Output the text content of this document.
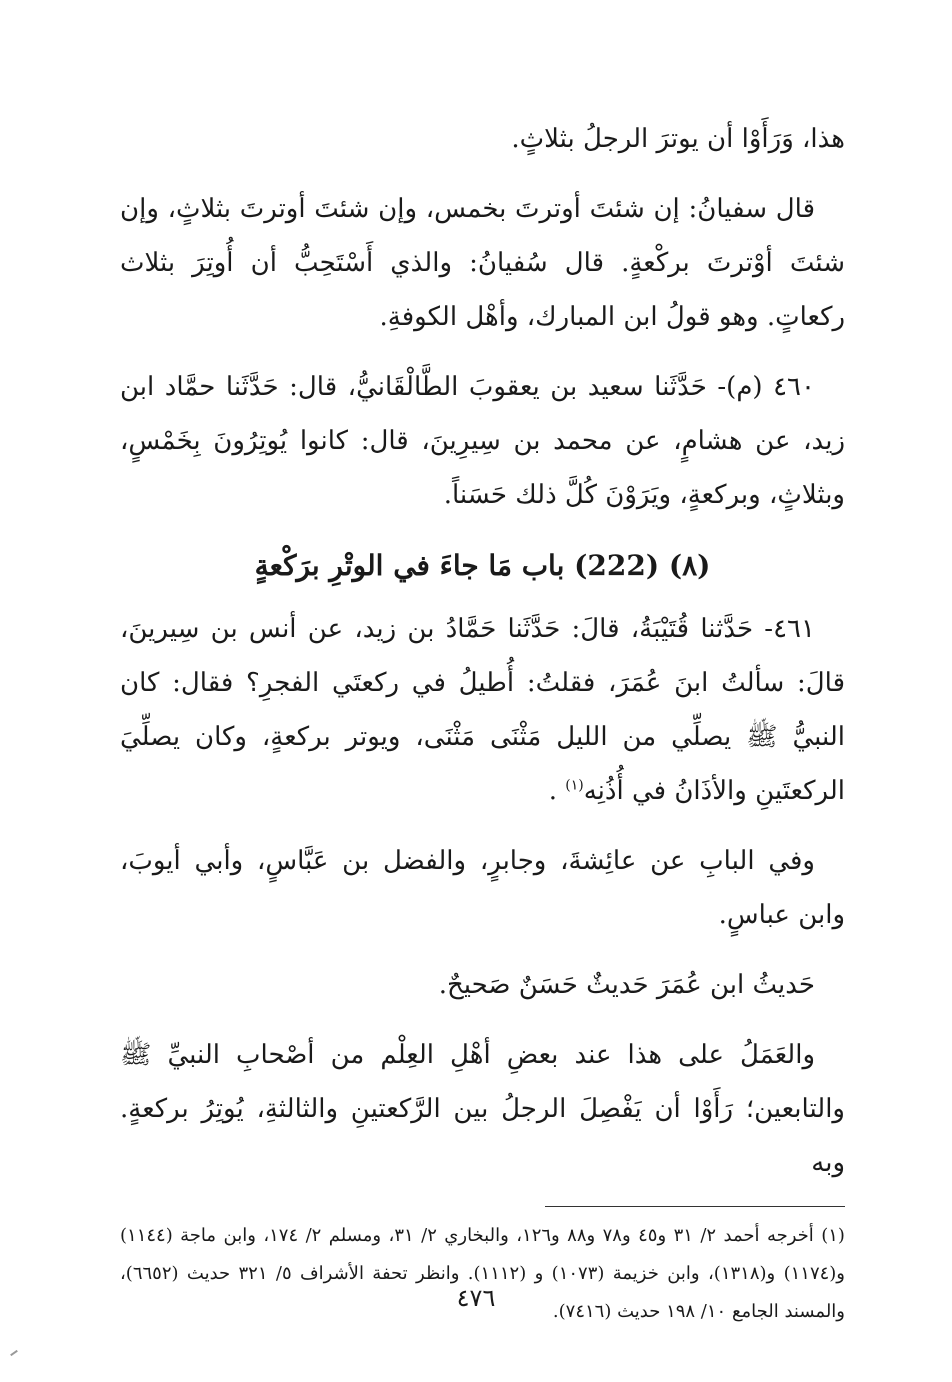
هذا، وَرَأَوْا أن يوترَ الرجلُ بثلاثٍ.

قال سفيانُ: إن شئتَ أوترتَ بخمس، وإن شئتَ أوترتَ بثلاثٍ، وإن شئتَ أوْترتَ بركْعةٍ. قال سُفيانُ: والذي أَسْتَحِبُّ أن أُوتِرَ بثلاث ركعاتٍ. وهو قولُ ابن المبارك، وأهْل الكوفةِ.

٤٦٠ (م)- حَدَّثَنا سعيد بن يعقوبَ الطَّالْقَانيُّ، قال: حَدَّثَنا حمَّاد ابن زيد، عن هشامٍ، عن محمد بن سِيرِينَ، قال: كانوا يُوتِرُونَ بِخَمْسٍ، وبثلاثٍ، وبركعةٍ، ويَرَوْنَ كُلَّ ذلك حَسَناً.

(٨) (222) باب مَا جاءَ في الوتْرِ برَكْعةٍ

٤٦١- حَدَّثنا قُتَيْبَةُ، قالَ: حَدَّثَنا حَمَّادُ بن زيد، عن أنس بن سِيرينَ، قالَ: سألتُ ابنَ عُمَرَ، فقلتُ: أُطيلُ في ركعتَي الفجرِ؟ فقال: كان النبيُّ ﷺ يصلِّي من الليل مَثْنَى مَثْنَى، ويوتر بركعةٍ، وكان يصلِّيَ الركعتَينِ والأذَانُ في أُذُنِه$^{(١)}$ .

وفي البابِ عن عائِشةَ، وجابرٍ، والفضل بن عَبَّاسٍ، وأبي أيوبَ، وابن عباسٍ.

حَديثُ ابن عُمَرَ حَديثٌ حَسَنٌ صَحيحٌ.

والعَمَلُ على هذا عند بعضِ أهْلِ العِلْم من أصْحابِ النبيِّ ﷺ والتابعين؛ رَأَوْا أن يَفْصِلَ الرجلُ بين الرَّكعتينِ والثالثةِ، يُوتِرُ بركعةٍ. وبه

(١) أخرجه أحمد ٢/ ٣١ و٤٥ و٧٨ و٨٨ و١٢٦، والبخاري ٢/ ٣١، ومسلم ٢/ ١٧٤، وابن ماجة (١١٤٤) و(١١٧٤) و(١٣١٨)، وابن خزيمة (١٠٧٣) و (١١١٢). وانظر تحفة الأشراف ٥/ ٣٢١ حديث (٦٦٥٢)، والمسند الجامع ١٠/ ١٩٨ حديث (٧٤١٦).

٤٧٦
